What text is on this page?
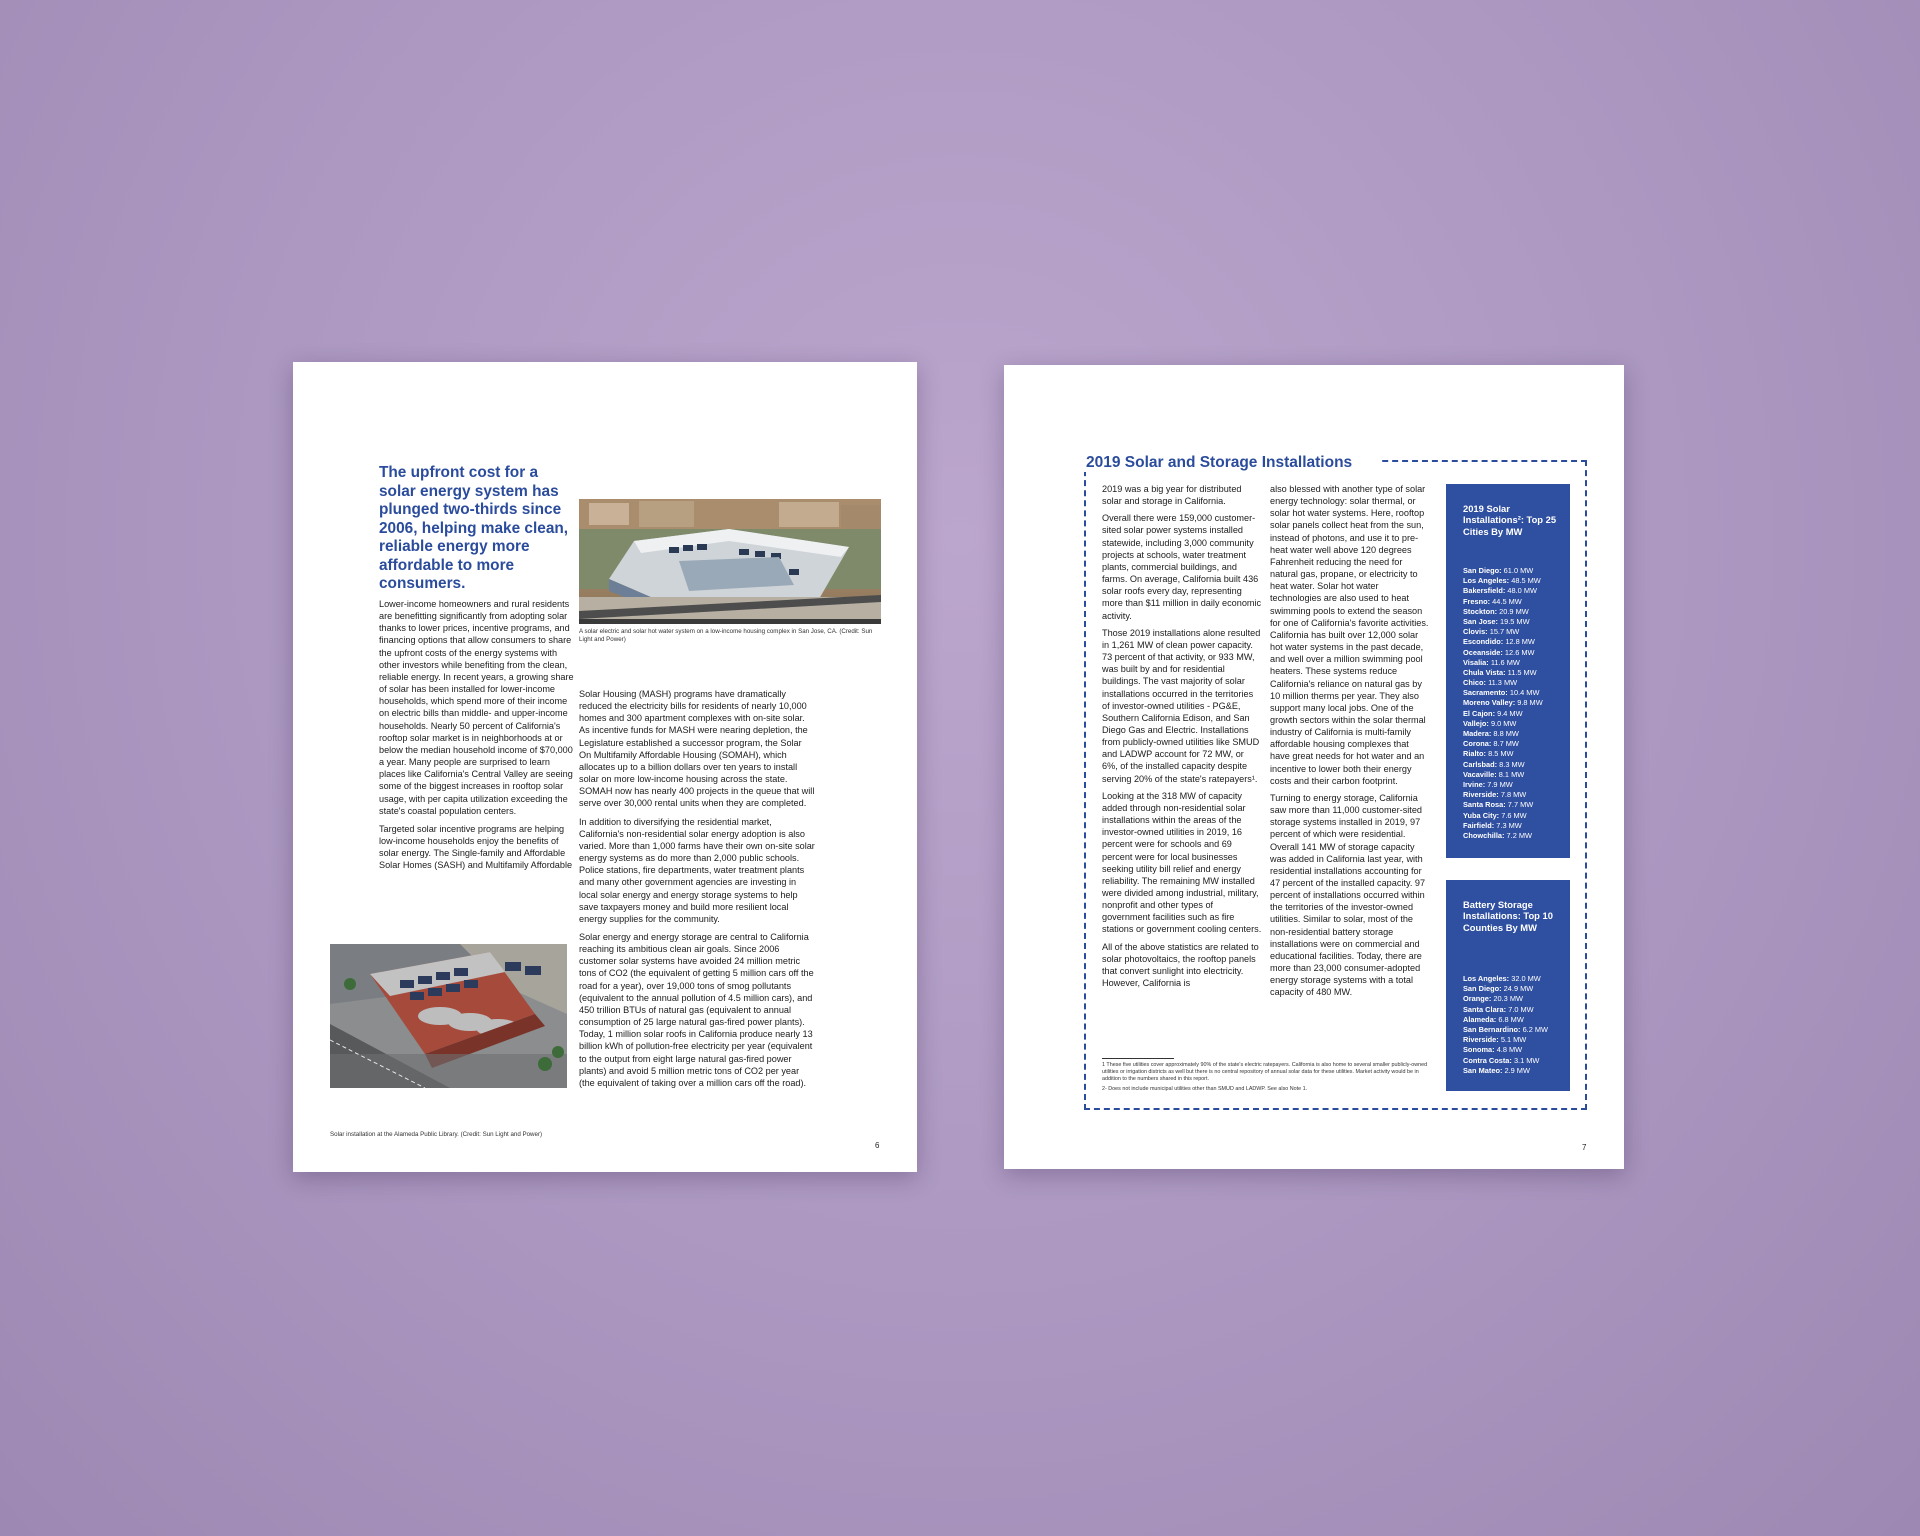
The upfront cost for a solar energy system has plunged two-thirds since 2006, helping make clean, reliable energy more affordable to more consumers.

Lower-income homeowners and rural residents are benefitting significantly from adopting solar thanks to lower prices, incentive programs, and financing options that allow consumers to share the upfront costs of the energy systems with other investors while benefiting from the clean, reliable energy. In recent years, a growing share of solar has been installed for lower-income households, which spend more of their income on electric bills than middle- and upper-income households. Nearly 50 percent of California's rooftop solar market is in neighborhoods at or below the median household income of $70,000 a year. Many people are surprised to learn places like California's Central Valley are seeing some of the biggest increases in rooftop solar usage, with per capita utilization exceeding the state's coastal population centers.

Targeted solar incentive programs are helping low-income households enjoy the benefits of solar energy. The Single-family and Affordable Solar Homes (SASH) and Multifamily Affordable

A solar electric and solar hot water system on a low-income housing complex in San Jose, CA. (Credit: Sun Light and Power)

Solar Housing (MASH) programs have dramatically reduced the electricity bills for residents of nearly 10,000 homes and 300 apartment complexes with on-site solar. As incentive funds for MASH were nearing depletion, the Legislature established a successor program, the Solar On Multifamily Affordable Housing (SOMAH), which allocates up to a billion dollars over ten years to install solar on more low-income housing across the state. SOMAH now has nearly 400 projects in the queue that will serve over 30,000 rental units when they are completed.

In addition to diversifying the residential market, California's non-residential solar energy adoption is also varied. More than 1,000 farms have their own on-site solar energy systems as do more than 2,000 public schools. Police stations, fire departments, water treatment plants and many other government agencies are investing in local solar energy and energy storage systems to help save taxpayers money and build more resilient local energy supplies for the community.

Solar energy and energy storage are central to California reaching its ambitious clean air goals. Since 2006 customer solar systems have avoided 24 million metric tons of CO2 (the equivalent of getting 5 million cars off the road for a year), over 19,000 tons of smog pollutants (equivalent to the annual pollution of 4.5 million cars), and 450 trillion BTUs of natural gas (equivalent to annual consumption of 25 large natural gas-fired power plants). Today, 1 million solar roofs in California produce nearly 13 billion kWh of pollution-free electricity per year (equivalent to the output from eight large natural gas-fired power plants) and avoid 5 million metric tons of CO2 per year (the equivalent of taking over a million cars off the road).

Solar installation at the Alameda Public Library. (Credit: Sun Light and Power)
6
2019 Solar and Storage Installations

2019 was a big year for distributed solar and storage in California.

Overall there were 159,000 customer-sited solar power systems installed statewide, including 3,000 community projects at schools, water treatment plants, commercial buildings, and farms. On average, California built 436 solar roofs every day, representing more than $11 million in daily economic activity.

Those 2019 installations alone resulted in 1,261 MW of clean power capacity. 73 percent of that activity, or 933 MW, was built by and for residential buildings. The vast majority of solar installations occurred in the territories of investor-owned utilities - PG&E, Southern California Edison, and San Diego Gas and Electric. Installations from publicly-owned utilities like SMUD and LADWP account for 72 MW, or 6%, of the installed capacity despite serving 20% of the state's ratepayers¹.

Looking at the 318 MW of capacity added through non-residential solar installations within the areas of the investor-owned utilities in 2019, 16 percent were for schools and 69 percent were for local businesses seeking utility bill relief and energy reliability. The remaining MW installed were divided among industrial, military, nonprofit and other types of government facilities such as fire stations or government cooling centers.

All of the above statistics are related to solar photovoltaics, the rooftop panels that convert sunlight into electricity. However, California is

also blessed with another type of solar energy technology: solar thermal, or solar hot water systems. Here, rooftop solar panels collect heat from the sun, instead of photons, and use it to pre-heat water well above 120 degrees Fahrenheit reducing the need for natural gas, propane, or electricity to heat water. Solar hot water technologies are also used to heat swimming pools to extend the season for one of California's favorite activities. California has built over 12,000 solar hot water systems in the past decade, and well over a million swimming pool heaters. These systems reduce California's reliance on natural gas by 10 million therms per year. They also support many local jobs. One of the growth sectors within the solar thermal industry of California is multi-family affordable housing complexes that have great needs for hot water and an incentive to lower both their energy costs and their carbon footprint.

Turning to energy storage, California saw more than 11,000 customer-sited storage systems installed in 2019, 97 percent of which were residential. Overall 141 MW of storage capacity was added in California last year, with residential installations accounting for 47 percent of the installed capacity. 97 percent of installations occurred within the territories of the investor-owned utilities. Similar to solar, most of the non-residential battery storage installations were on commercial and educational facilities. Today, there are more than 23,000 consumer-adopted energy storage systems with a total capacity of 480 MW.

1 These five utilities cover approximately 90% of the state's electric ratepayers. California is also home to several smaller publicly-owned utilities or irrigation districts as well but there is no central repository of annual solar data for these utilities. Market activity would be in addition to the numbers shared in this report.

2- Does not include municipal utilities other than SMUD and LADWP. See also Note 1.

2019 Solar Installations²: Top 25 Cities By MW
San Diego: 61.0 MW
Los Angeles: 48.5 MW
Bakersfield: 48.0 MW
Fresno: 44.5 MW
Stockton: 20.9 MW
San Jose: 19.5 MW
Clovis: 15.7 MW
Escondido: 12.8 MW
Oceanside: 12.6 MW
Visalia: 11.6 MW
Chula Vista: 11.5 MW
Chico: 11.3 MW
Sacramento: 10.4 MW
Moreno Valley: 9.8 MW
El Cajon: 9.4 MW
Vallejo: 9.0 MW
Madera: 8.8 MW
Corona: 8.7 MW
Rialto: 8.5 MW
Carlsbad: 8.3 MW
Vacaville: 8.1 MW
Irvine: 7.9 MW
Riverside: 7.8 MW
Santa Rosa: 7.7 MW
Yuba City: 7.6 MW
Fairfield: 7.3 MW
Chowchilla: 7.2 MW
Battery Storage Installations: Top 10 Counties By MW
Los Angeles: 32.0 MW
San Diego: 24.9 MW
Orange: 20.3 MW
Santa Clara: 7.0 MW
Alameda: 6.8 MW
San Bernardino: 6.2 MW
Riverside: 5.1 MW
Sonoma: 4.8 MW
Contra Costa: 3.1 MW
San Mateo: 2.9 MW
7
